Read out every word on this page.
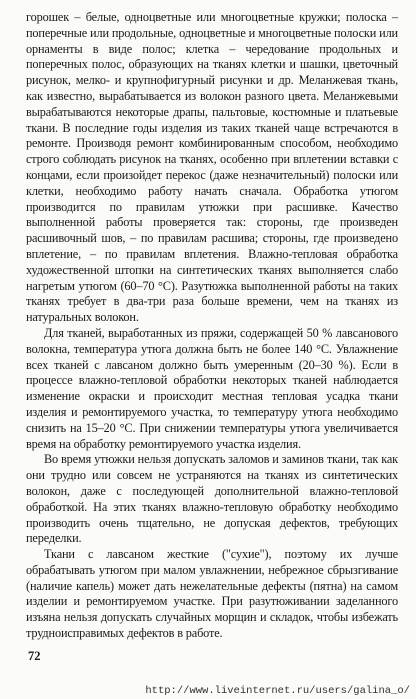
горошек – белые, одноцветные или многоцветные кружки; полоска – поперечные или продольные, одноцветные и многоцветные полоски или орнаменты в виде полос; клетка – чередование продольных и поперечных полос, образующих на тканях клетки и шашки, цветочный рисунок, мелко- и крупнофигурный рисунки и др. Меланжевая ткань, как известно, вырабатывается из волокон разного цвета. Меланжевыми вырабатываются некоторые драпы, пальтовые, костюмные и платьевые ткани. В последние годы изделия из таких тканей чаще встречаются в ремонте. Производя ремонт комбинированным способом, необходимо строго соблюдать рисунок на тканях, особенно при вплетении вставки с концами, если произойдет перекос (даже незначительный) полоски или клетки, необходимо работу начать сначала. Обработка утюгом производится по правилам утюжки при расшивке. Качество выполненной работы проверяется так: стороны, где произведен расшивочный шов, – по правилам расшива; стороны, где произведено вплетение, – по правилам вплетения. Влажно-тепловая обработка художественной штопки на синтетических тканях выполняется слабо нагретым утюгом (60–70 °С). Разутюжка выполненной работы на таких тканях требует в два-три раза больше времени, чем на тканях из натуральных волокон.

Для тканей, выработанных из пряжи, содержащей 50 % лавсанового волокна, температура утюга должна быть не более 140 °С. Увлажнение всех тканей с лавсаном должно быть умеренным (20–30 %). Если в процессе влажно-тепловой обработки некоторых тканей наблюдается изменение окраски и происходит местная тепловая усадка ткани изделия и ремонтируемого участка, то температуру утюга необходимо снизить на 15–20 °С. При снижении температуры утюга увеличивается время на обработку ремонтируемого участка изделия.

Во время утюжки нельзя допускать заломов и заминов ткани, так как они трудно или совсем не устраняются на тканях из синтетических волокон, даже с последующей дополнительной влажно-тепловой обработкой. На этих тканях влажно-тепловую обработку необходимо производить очень тщательно, не допуская дефектов, требующих переделки.

Ткани с лавсаном жесткие ("сухие"), поэтому их лучше обрабатывать утюгом при малом увлажнении, небрежное сбрызгивание (наличие капель) может дать нежелательные дефекты (пятна) на самом изделии и ремонтируемом участке. При разутюживании заделанного изъяна нельзя допускать случайных морщин и складок, чтобы избежать трудноисправимых дефектов в работе.

72
http://www.liveinternet.ru/users/galina_o/
